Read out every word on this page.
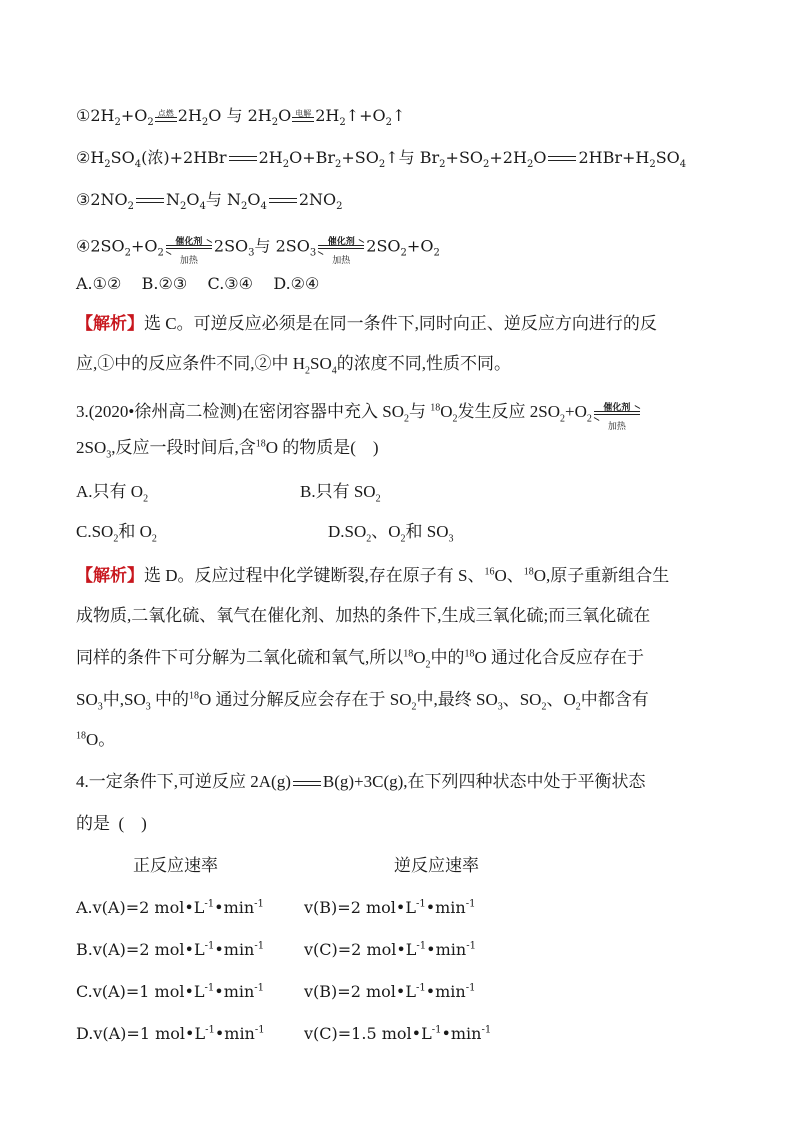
$①2H_2+O_2$
点燃 $2H_2O$ 与 $2H_2O$ 电解 $2H_2↑+O_2↑$
$②H_2SO_4$(浓)+2HBr $2H_2O+Br_2+SO_2↑$与 $Br_2+SO_2+2H_2O$ $2HBr+H_2SO_4$
$③2NO_2$ $N_2O_4$与 $N_2O_4$ $2NO_2$
$④2SO_2+O_2$
催化剂
加热
$2SO_3$与 $2SO_3$
催化剂
加热
$2SO_2+O_2$
A.①②    B.②③    C.③④    D.②④
【解析】选 C。可逆反应必须是在同一条件下,同时向正、逆反应方向进行的反
应,①中的反应条件不同,②中 $H_2SO_4$的浓度不同,性质不同。
3.(2020•徐州高二检测)在密闭容器中充入 $SO_2$与 $^{18}O_2$发生反应 $2SO_2+O_2$
催化剂
加热
$2SO_3$,反应一段时间后,含$^{18}$O 的物质是(    )
A.只有 $O_2$	B.只有 $SO_2$
$C.SO_2$和 $O_2$	$D.SO_2$、$O_2$和 $SO_3$
【解析】选 D。反应过程中化学键断裂,存在原子有 S、$^{16}$O、$^{18}$O,原子重新组合生
成物质,二氧化硫、氧气在催化剂、加热的条件下,生成三氧化硫;而三氧化硫在
同样的条件下可分解为二氧化硫和氧气,所以$^{18}O_2$中的$^{18}$O 通过化合反应存在于
$SO_3$中$,SO_3$ 中的$^{18}$O 通过分解反应会存在于 $SO_2$中,最终 $SO_3$、$SO_2$、$O_2$中都含有
$^{18}$O。
4.一定条件下,可逆反应 2A(g) B(g)+3C(g),在下列四种状态中处于平衡状态
的是  (    )
正反应速率	逆反应速率
A.v(A)=2 $mol•L^{-1}•\min^{-1}$	v(B)=2 $mol•L^{-1}•\min^{-1}$
B.v(A)=2 $mol•L^{-1}•\min^{-1}$ v(C)=2 $mol•L^{-1}•\min^{-1}$
C.v(A)=1 $mol•L^{-1}•\min^{-1}$ v(B)=2 $mol•L^{-1}•\min^{-1}$
D.v(A)=1 $mol•L^{-1}•\min^{-1}$ v(C)=1.5 $mol•L^{-1}•\min^{-1}$
